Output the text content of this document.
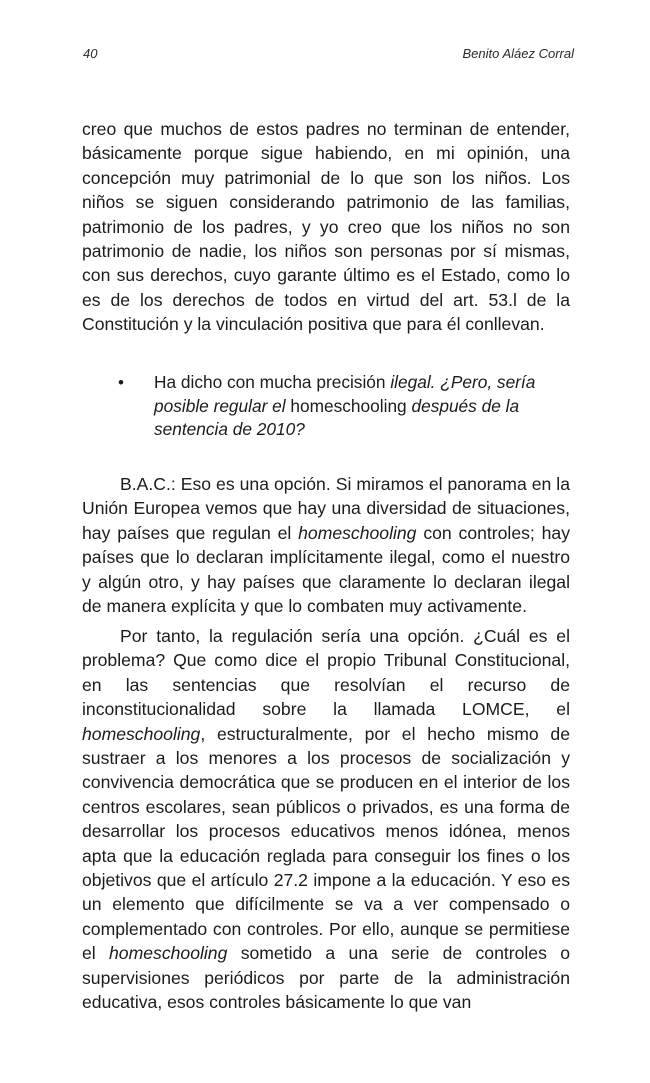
40	Benito Aláez Corral

creo que muchos de estos padres no terminan de entender, básicamente porque sigue habiendo, en mi opinión, una concepción muy patrimonial de lo que son los niños. Los niños se siguen considerando patrimonio de las familias, patrimonio de los padres, y yo creo que los niños no son patrimonio de nadie, los niños son personas por sí mismas, con sus derechos, cuyo garante último es el Estado, como lo es de los derechos de todos en virtud del art. 53.l de la Constitución y la vinculación positiva que para él conllevan.

•	Ha dicho con mucha precisión ilegal. ¿Pero, sería posible regular el homeschooling después de la sentencia de 2010?

B.A.C.: Eso es una opción. Si miramos el panorama en la Unión Europea vemos que hay una diversidad de situaciones, hay países que regulan el homeschooling con controles; hay países que lo declaran implícitamente ilegal, como el nuestro y algún otro, y hay países que claramente lo declaran ilegal de manera explícita y que lo combaten muy activamente.

Por tanto, la regulación sería una opción. ¿Cuál es el problema? Que como dice el propio Tribunal Constitucional, en las sentencias que resolvían el recurso de inconstitucionalidad sobre la llamada LOMCE, el homeschooling, estructuralmente, por el hecho mismo de sustraer a los menores a los procesos de socialización y convivencia democrática que se producen en el interior de los centros escolares, sean públicos o privados, es una forma de desarrollar los procesos educativos menos idónea, menos apta que la educación reglada para conseguir los fines o los objetivos que el artículo 27.2 impone a la educación. Y eso es un elemento que difícilmente se va a ver compensado o complementado con controles. Por ello, aunque se permitiese el homeschooling sometido a una serie de controles o supervisiones periódicos por parte de la administración educativa, esos controles básicamente lo que van
